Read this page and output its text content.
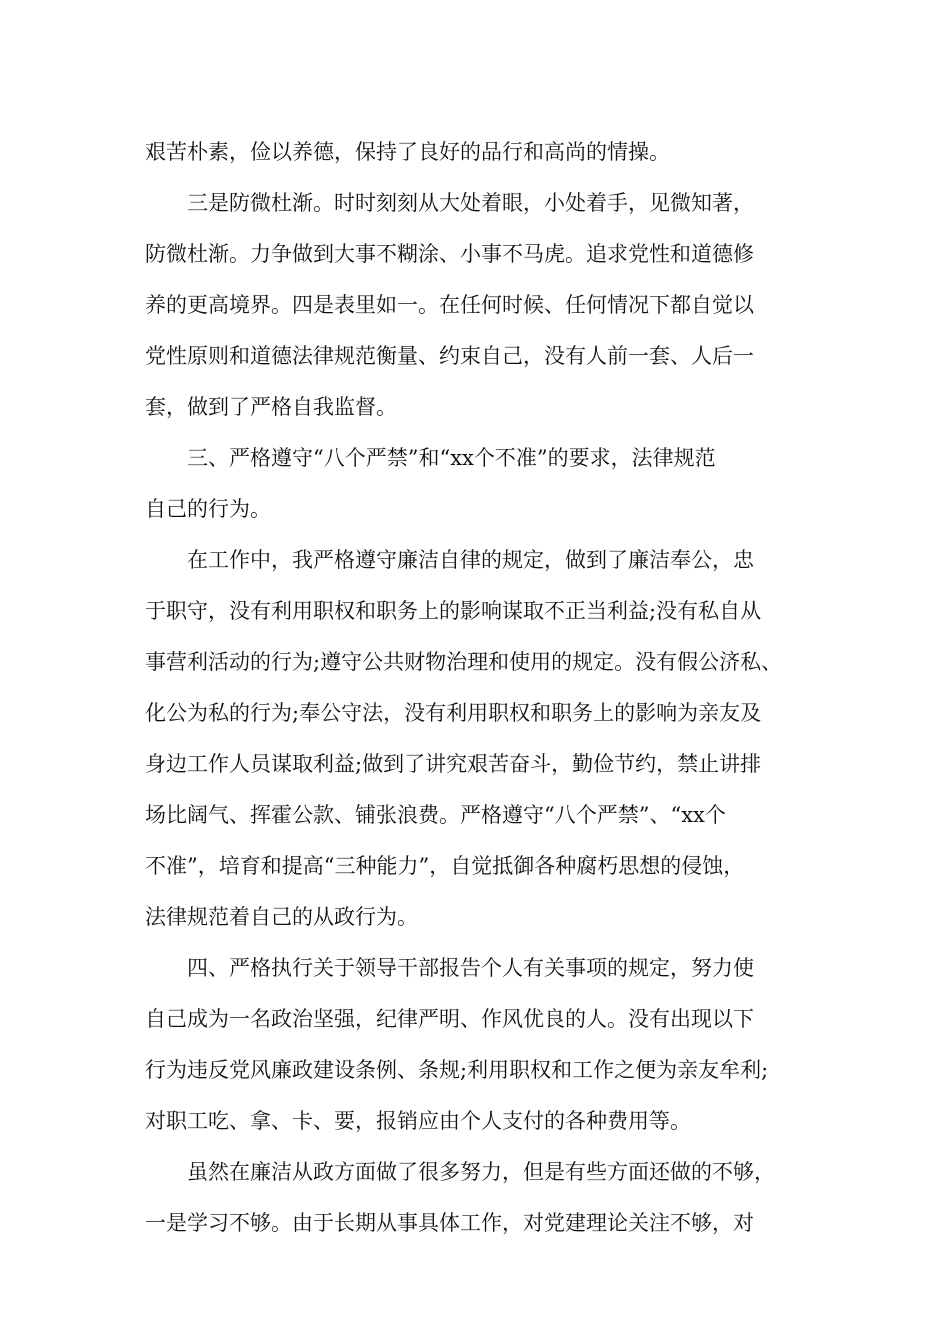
艰苦朴素，俭以养德，保持了良好的品行和高尚的情操。
三是防微杜渐。时时刻刻从大处着眼，小处着手，见微知著，
防微杜渐。力争做到大事不糊涂、小事不马虎。追求党性和道德修
养的更高境界。四是表里如一。在任何时候、任何情况下都自觉以
党性原则和道德法律规范衡量、约束自己，没有人前一套、人后一
套，做到了严格自我监督。
三、严格遵守“八个严禁”和“xx个不准”的要求，法律规范
自己的行为。
在工作中，我严格遵守廉洁自律的规定，做到了廉洁奉公，忠
于职守，没有利用职权和职务上的影响谋取不正当利益;没有私自从
事营利活动的行为;遵守公共财物治理和使用的规定。没有假公济私、
化公为私的行为;奉公守法，没有利用职权和职务上的影响为亲友及
身边工作人员谋取利益;做到了讲究艰苦奋斗，勤俭节约，禁止讲排
场比阔气、挥霍公款、铺张浪费。严格遵守“八个严禁”、“xx个
不准”，培育和提高“三种能力”，自觉抵御各种腐朽思想的侵蚀，
法律规范着自己的从政行为。
四、严格执行关于领导干部报告个人有关事项的规定，努力使
自己成为一名政治坚强，纪律严明、作风优良的人。没有出现以下
行为违反党风廉政建设条例、条规;利用职权和工作之便为亲友牟利;
对职工吃、拿、卡、要，报销应由个人支付的各种费用等。
虽然在廉洁从政方面做了很多努力，但是有些方面还做的不够，
一是学习不够。由于长期从事具体工作，对党建理论关注不够，对
